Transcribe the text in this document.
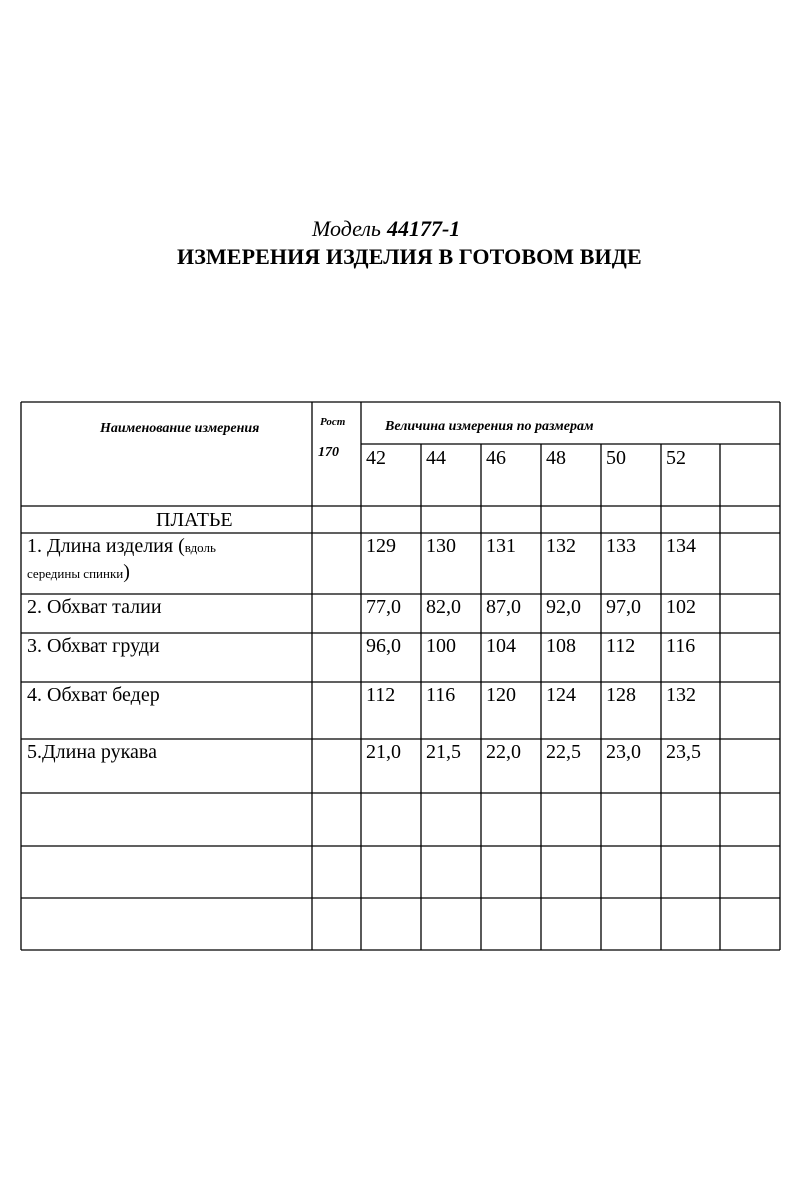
Модель 44177-1
ИЗМЕРЕНИЯ ИЗДЕЛИЯ В ГОТОВОМ ВИДЕ
Наименование измерения	Рост
170
Величина измерения по размерам
42 44 46 48 50 52
ПЛАТЬЕ
1. Длина изделия (вдоль
середины спинки)
129 130 131 132 133 134
2. Обхват талии	77,0 82,0 87,0 92,0 97,0 102
3. Обхват груди	96,0 100 104 108 112 116
4. Обхват бедер	112 116 120 124 128 132
5.Длина рукава	21,0 21,5 22,0 22,5 23,0 23,5
